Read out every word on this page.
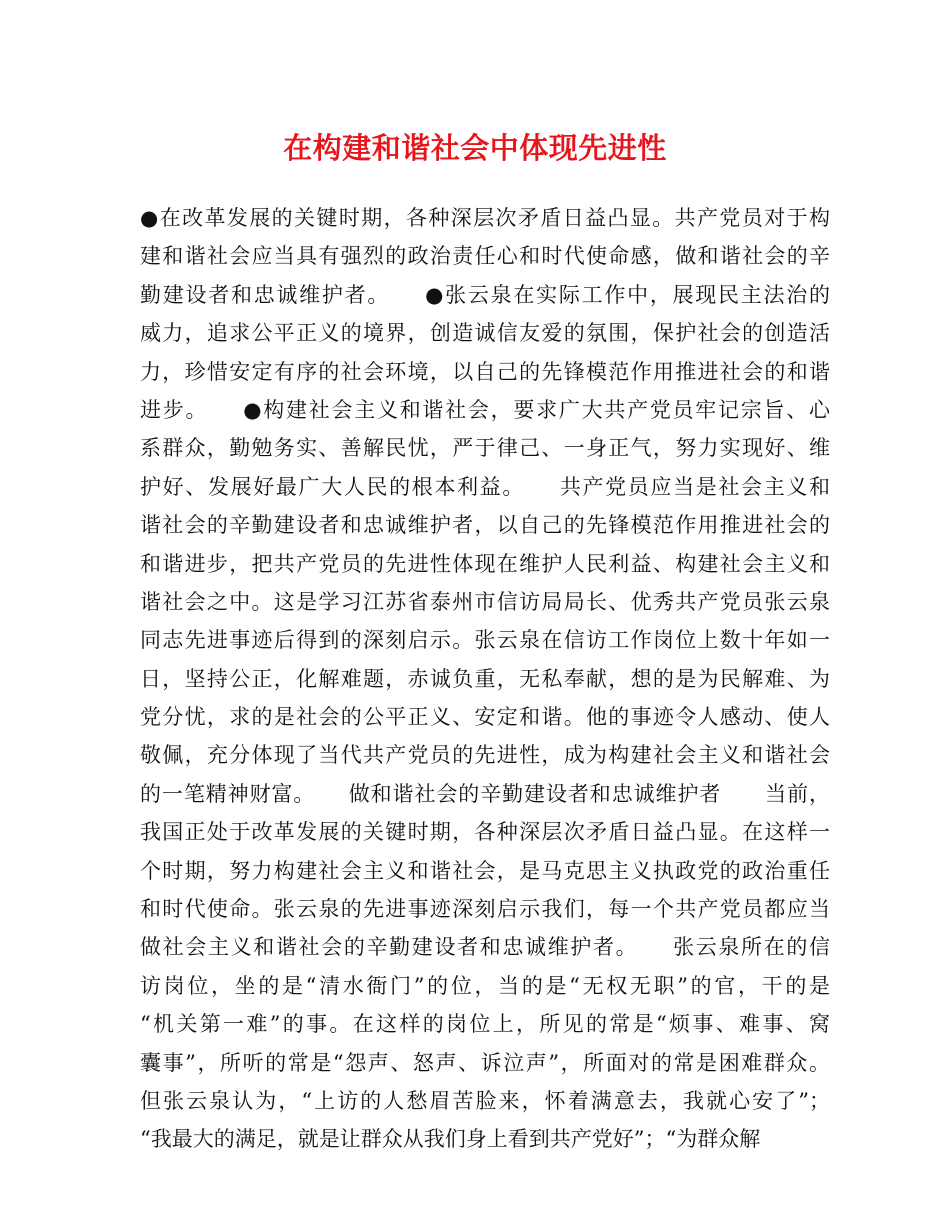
在构建和谐社会中体现先进性
●在改革发展的关键时期，各种深层次矛盾日益凸显。共产党员对于构
建和谐社会应当具有强烈的政治责任心和时代使命感，做和谐社会的辛
勤建设者和忠诚维护者。　　●张云泉在实际工作中，展现民主法治的
威力，追求公平正义的境界，创造诚信友爱的氛围，保护社会的创造活
力，珍惜安定有序的社会环境，以自己的先锋模范作用推进社会的和谐
进步。　　●构建社会主义和谐社会，要求广大共产党员牢记宗旨、心
系群众，勤勉务实、善解民忧，严于律己、一身正气，努力实现好、维
护好、发展好最广大人民的根本利益。　　共产党员应当是社会主义和
谐社会的辛勤建设者和忠诚维护者，以自己的先锋模范作用推进社会的
和谐进步，把共产党员的先进性体现在维护人民利益、构建社会主义和
谐社会之中。这是学习江苏省泰州市信访局局长、优秀共产党员张云泉
同志先进事迹后得到的深刻启示。张云泉在信访工作岗位上数十年如一
日，坚持公正，化解难题，赤诚负重，无私奉献，想的是为民解难、为
党分忧，求的是社会的公平正义、安定和谐。他的事迹令人感动、使人
敬佩，充分体现了当代共产党员的先进性，成为构建社会主义和谐社会
的一笔精神财富。　　做和谐社会的辛勤建设者和忠诚维护者　　当前，
我国正处于改革发展的关键时期，各种深层次矛盾日益凸显。在这样一
个时期，努力构建社会主义和谐社会，是马克思主义执政党的政治重任
和时代使命。张云泉的先进事迹深刻启示我们，每一个共产党员都应当
做社会主义和谐社会的辛勤建设者和忠诚维护者。　　张云泉所在的信
访岗位，坐的是“清水衙门”的位，当的是“无权无职”的官，干的是
“机关第一难”的事。在这样的岗位上，所见的常是“烦事、难事、窝
囊事”，所听的常是“怨声、怒声、诉泣声”，所面对的常是困难群众。
但张云泉认为，“上访的人愁眉苦脸来，怀着满意去，我就心安了”；
“我最大的满足，就是让群众从我们身上看到共产党好”；“为群众解
